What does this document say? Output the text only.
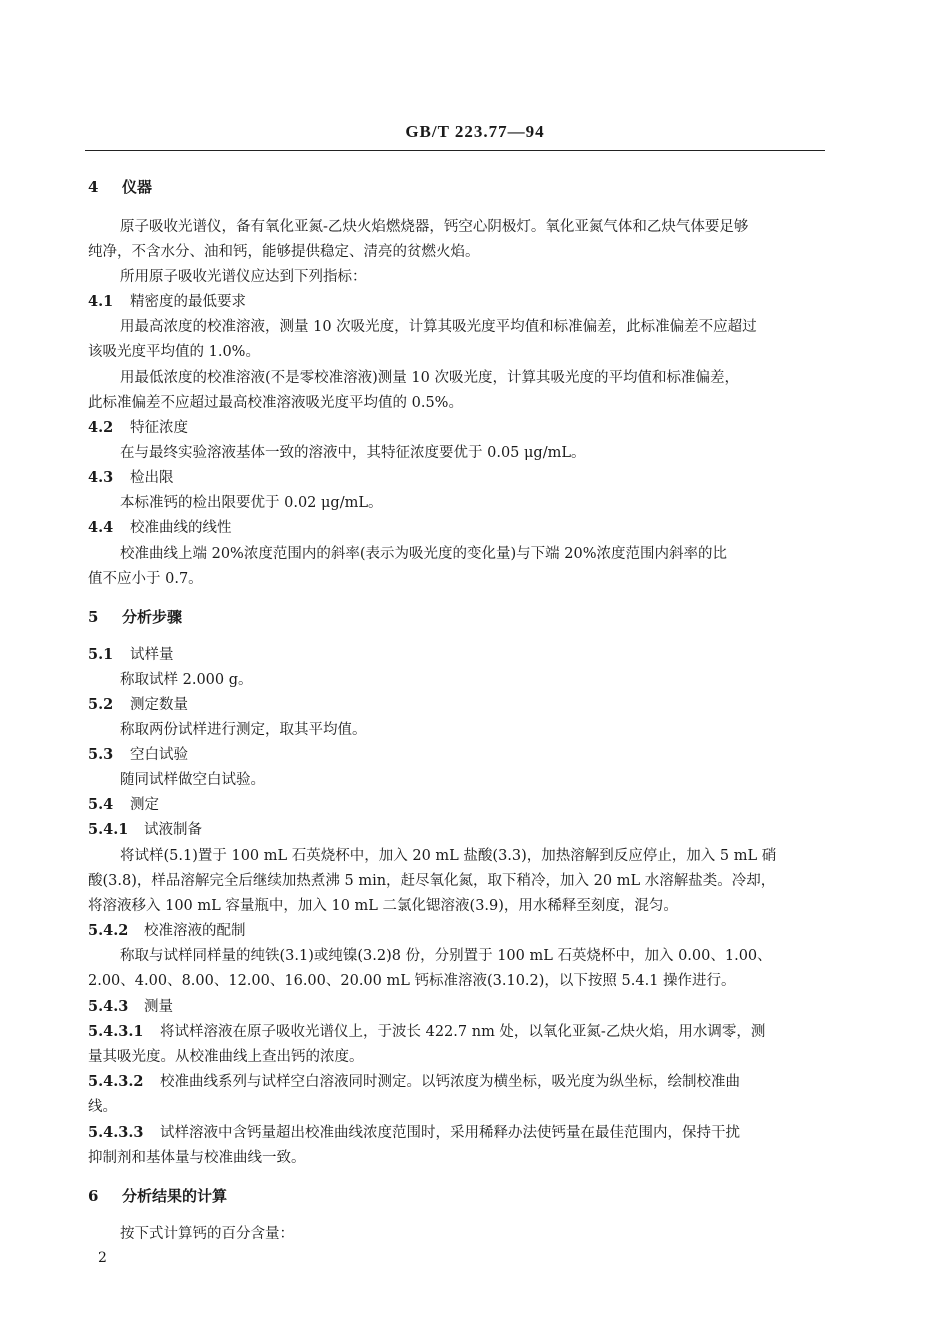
GB/T 223.77—94
4 仪器
原子吸收光谱仪，备有氧化亚氮-乙炔火焰燃烧器，钙空心阴极灯。氧化亚氮气体和乙炔气体要足够
纯净，不含水分、油和钙，能够提供稳定、清亮的贫燃火焰。
所用原子吸收光谱仪应达到下列指标：
4.1 精密度的最低要求
用最高浓度的校准溶液，测量 10 次吸光度，计算其吸光度平均值和标准偏差，此标准偏差不应超过
该吸光度平均值的 1.0%。
用最低浓度的校准溶液(不是零校准溶液)测量 10 次吸光度，计算其吸光度的平均值和标准偏差，
此标准偏差不应超过最高校准溶液吸光度平均值的 0.5%。
4.2 特征浓度
在与最终实验溶液基体一致的溶液中，其特征浓度要优于 0.05 μg/mL。
4.3 检出限
本标准钙的检出限要优于 0.02 μg/mL。
4.4 校准曲线的线性
校准曲线上端 20%浓度范围内的斜率(表示为吸光度的变化量)与下端 20%浓度范围内斜率的比
值不应小于 0.7。
5 分析步骤
5.1 试样量
称取试样 2.000 g。
5.2 测定数量
称取两份试样进行测定，取其平均值。
5.3 空白试验
随同试样做空白试验。
5.4 测定
5.4.1 试液制备
将试样(5.1)置于 100 mL 石英烧杯中，加入 20 mL 盐酸(3.3)，加热溶解到反应停止，加入 5 mL 硝
酸(3.8)，样品溶解完全后继续加热煮沸 5 min，赶尽氧化氮，取下稍冷，加入 20 mL 水溶解盐类。冷却，
将溶液移入 100 mL 容量瓶中，加入 10 mL 二氯化锶溶液(3.9)，用水稀释至刻度，混匀。
5.4.2 校准溶液的配制
称取与试样同样量的纯铁(3.1)或纯镍(3.2)8 份，分别置于 100 mL 石英烧杯中，加入 0.00、1.00、
2.00、4.00、8.00、12.00、16.00、20.00 mL 钙标准溶液(3.10.2)，以下按照 5.4.1 操作进行。
5.4.3 测量
5.4.3.1 将试样溶液在原子吸收光谱仪上，于波长 422.7 nm 处，以氧化亚氮-乙炔火焰，用水调零，测
量其吸光度。从校准曲线上查出钙的浓度。
5.4.3.2 校准曲线系列与试样空白溶液同时测定。以钙浓度为横坐标，吸光度为纵坐标，绘制校准曲
线。
5.4.3.3 试样溶液中含钙量超出校准曲线浓度范围时，采用稀释办法使钙量在最佳范围内，保持干扰
抑制剂和基体量与校准曲线一致。
6 分析结果的计算
按下式计算钙的百分含量：
2
